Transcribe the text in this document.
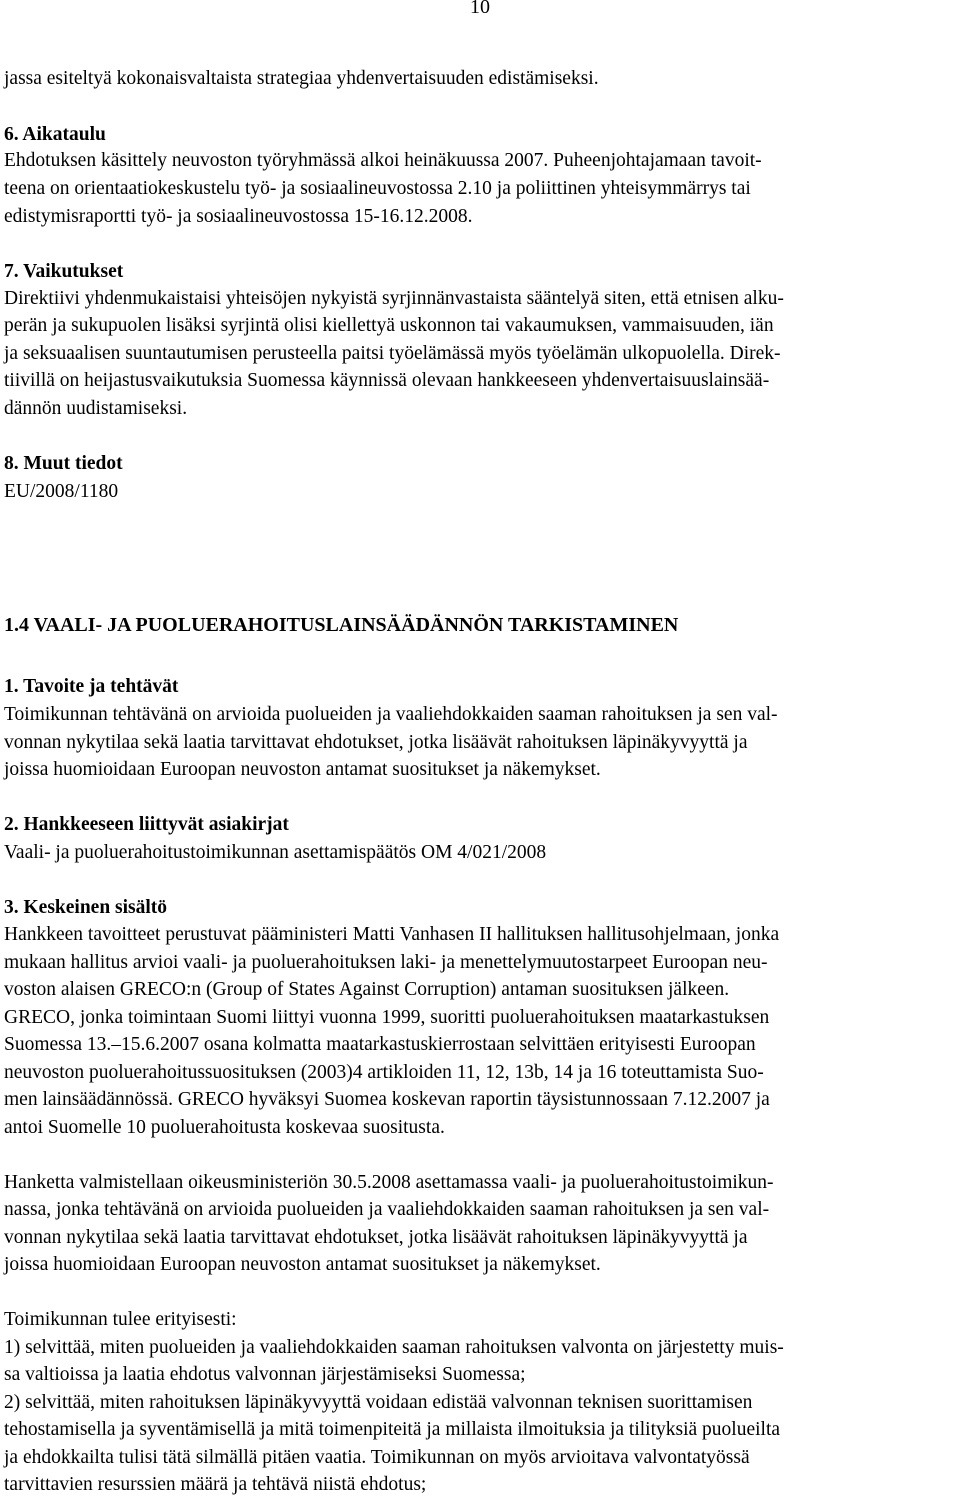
10
jassa esiteltyä kokonaisvaltaista strategiaa yhdenvertaisuuden edistämiseksi.
6. Aikataulu
Ehdotuksen käsittely neuvoston työryhmässä alkoi heinäkuussa 2007. Puheenjohtajamaan tavoit-
teena on orientaatiokeskustelu työ- ja sosiaalineuvostossa 2.10 ja poliittinen yhteisymmärrys tai
edistymisraportti työ- ja sosiaalineuvostossa 15-16.12.2008.
7. Vaikutukset
Direktiivi yhdenmukaistaisi yhteisöjen nykyistä syrjinnänvastaista sääntelyä siten, että etnisen alku-
perän ja sukupuolen lisäksi syrjintä olisi kiellettyä uskonnon tai vakaumuksen, vammaisuuden, iän
ja seksuaalisen suuntautumisen perusteella paitsi työelämässä myös työelämän ulkopuolella. Direk-
tiivillä on heijastusvaikutuksia Suomessa käynnissä olevaan hankkeeseen yhdenvertaisuuslainsää-
dännön uudistamiseksi.
8. Muut tiedot
EU/2008/1180
1.4 VAALI- JA PUOLUERAHOITUSLAINSÄÄDÄNNÖN TARKISTAMINEN
1. Tavoite ja tehtävät
Toimikunnan tehtävänä on arvioida puolueiden ja vaaliehdokkaiden saaman rahoituksen ja sen val-
vonnan nykytilaa sekä laatia tarvittavat ehdotukset, jotka lisäävät rahoituksen läpinäkyvyyttä ja
joissa huomioidaan Euroopan neuvoston antamat suositukset ja näkemykset.
2. Hankkeeseen liittyvät asiakirjat
Vaali- ja puoluerahoitustoimikunnan asettamispäätös OM 4/021/2008
3. Keskeinen sisältö
Hankkeen tavoitteet perustuvat pääministeri Matti Vanhasen II hallituksen hallitusohjelmaan, jonka
mukaan hallitus arvioi vaali- ja puoluerahoituksen laki- ja menettelymuutostarpeet Euroopan neu-
voston alaisen GRECO:n (Group of States Against Corruption) antaman suosituksen jälkeen.
GRECO, jonka toimintaan Suomi liittyi vuonna 1999, suoritti puoluerahoituksen maatarkastuksen
Suomessa 13.–15.6.2007 osana kolmatta maatarkastuskierrostaan selvittäen erityisesti Euroopan
neuvoston puoluerahoitussuosituksen (2003)4 artikloiden 11, 12, 13b, 14 ja 16 toteuttamista Suo-
men lainsäädännössä. GRECO hyväksyi Suomea koskevan raportin täysistunnossaan 7.12.2007 ja
antoi Suomelle 10 puoluerahoitusta koskevaa suositusta.
Hanketta valmistellaan oikeusministeriön 30.5.2008 asettamassa vaali- ja puoluerahoitustoimikun-
nassa, jonka tehtävänä on arvioida puolueiden ja vaaliehdokkaiden saaman rahoituksen ja sen val-
vonnan nykytilaa sekä laatia tarvittavat ehdotukset, jotka lisäävät rahoituksen läpinäkyvyyttä ja
joissa huomioidaan Euroopan neuvoston antamat suositukset ja näkemykset.
Toimikunnan tulee erityisesti:
1) selvittää, miten puolueiden ja vaaliehdokkaiden saaman rahoituksen valvonta on järjestetty muis-
sa valtioissa ja laatia ehdotus valvonnan järjestämiseksi Suomessa;
2) selvittää, miten rahoituksen läpinäkyvyyttä voidaan edistää valvonnan teknisen suorittamisen
tehostamisella ja syventämisellä ja mitä toimenpiteitä ja millaista ilmoituksia ja tilityksiä puolueilta
ja ehdokkailta tulisi tätä silmällä pitäen vaatia. Toimikunnan on myös arvioitava valvontatyössä
tarvittavien resurssien määrä ja tehtävä niistä ehdotus;
